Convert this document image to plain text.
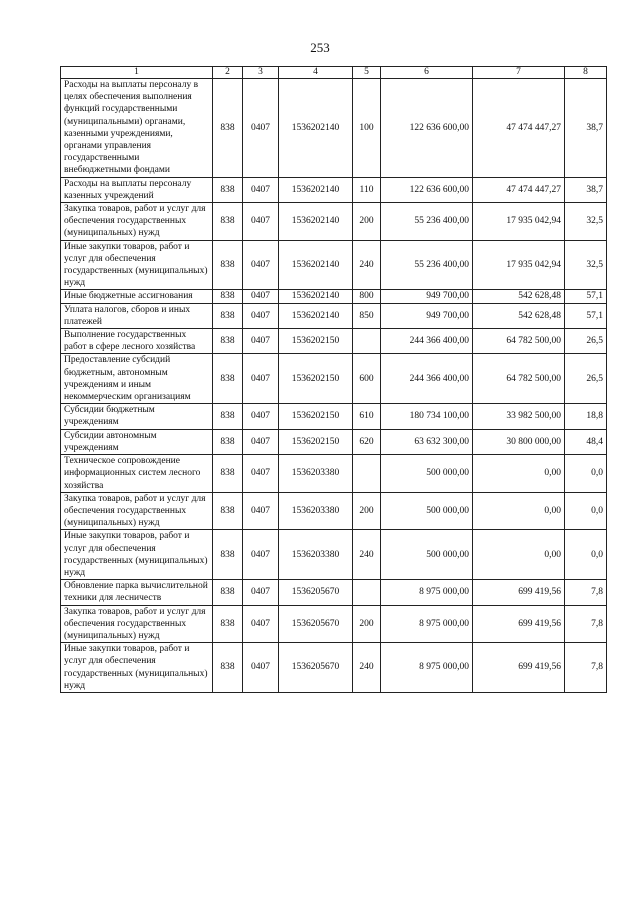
253
1	2	3	4	5	6	7	8
Расходы на выплаты персоналу в целях обеспечения выполнения функций государственными (муниципальными) органами, казенными учреждениями, органами управления государственными внебюджетными фондами	838	0407	1536202140	100	122 636 600,00	47 474 447,27	38,7
Расходы на выплаты персоналу казенных учреждений	838	0407	1536202140	110	122 636 600,00	47 474 447,27	38,7
Закупка товаров, работ и услуг для обеспечения государственных (муниципальных) нужд	838	0407	1536202140	200	55 236 400,00	17 935 042,94	32,5
Иные закупки товаров, работ и услуг для обеспечения государственных (муниципальных) нужд	838	0407	1536202140	240	55 236 400,00	17 935 042,94	32,5
Иные бюджетные ассигнования	838	0407	1536202140	800	949 700,00	542 628,48	57,1
Уплата налогов, сборов и иных платежей	838	0407	1536202140	850	949 700,00	542 628,48	57,1
Выполнение государственных работ в сфере лесного хозяйства	838	0407	1536202150		244 366 400,00	64 782 500,00	26,5
Предоставление субсидий бюджетным, автономным учреждениям и иным некоммерческим организациям	838	0407	1536202150	600	244 366 400,00	64 782 500,00	26,5
Субсидии бюджетным учреждениям	838	0407	1536202150	610	180 734 100,00	33 982 500,00	18,8
Субсидии автономным учреждениям	838	0407	1536202150	620	63 632 300,00	30 800 000,00	48,4
Техническое сопровождение информационных систем лесного хозяйства	838	0407	1536203380		500 000,00	0,00	0,0
Закупка товаров, работ и услуг для обеспечения государственных (муниципальных) нужд	838	0407	1536203380	200	500 000,00	0,00	0,0
Иные закупки товаров, работ и услуг для обеспечения государственных (муниципальных) нужд	838	0407	1536203380	240	500 000,00	0,00	0,0
Обновление парка вычислительной техники для лесничеств	838	0407	1536205670		8 975 000,00	699 419,56	7,8
Закупка товаров, работ и услуг для обеспечения государственных (муниципальных) нужд	838	0407	1536205670	200	8 975 000,00	699 419,56	7,8
Иные закупки товаров, работ и услуг для обеспечения государственных (муниципальных) нужд	838	0407	1536205670	240	8 975 000,00	699 419,56	7,8
